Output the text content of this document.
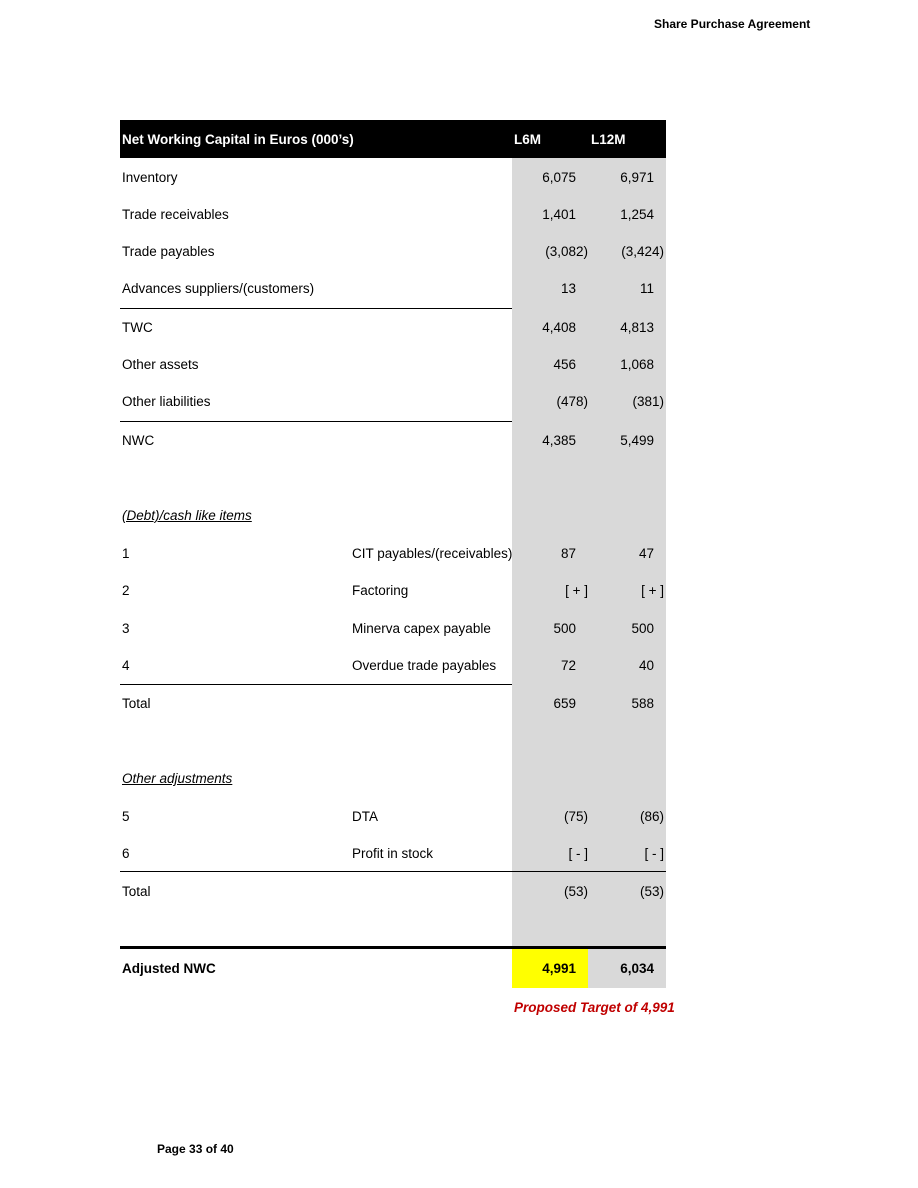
Share Purchase Agreement
Net Working Capital in Euros (000’s)	L6M	L12M
Inventory	6,075	6,971
Trade receivables	1,401	1,254
Trade payables	(3,082) (3,424)
Advances suppliers/(customers)	13	11
TWC	4,408	4,813
Other assets	456	1,068
Other liabilities	(478)	(381)
NWC	4,385	5,499
(Debt)/cash like items
1	CIT payables/(receivables)	87	47
2	Factoring	[ + ]	[ + ]
3	Minerva capex payable	500	500
4	Overdue trade payables	72	40
Total	659	588
Other adjustments
5	DTA	(75)	(86)
6	Profit in stock	[ - ]	[ - ]
Total	(53)	(53)
Adjusted NWC	4,991	6,034
Proposed Target of 4,991
Page 33 of 40
